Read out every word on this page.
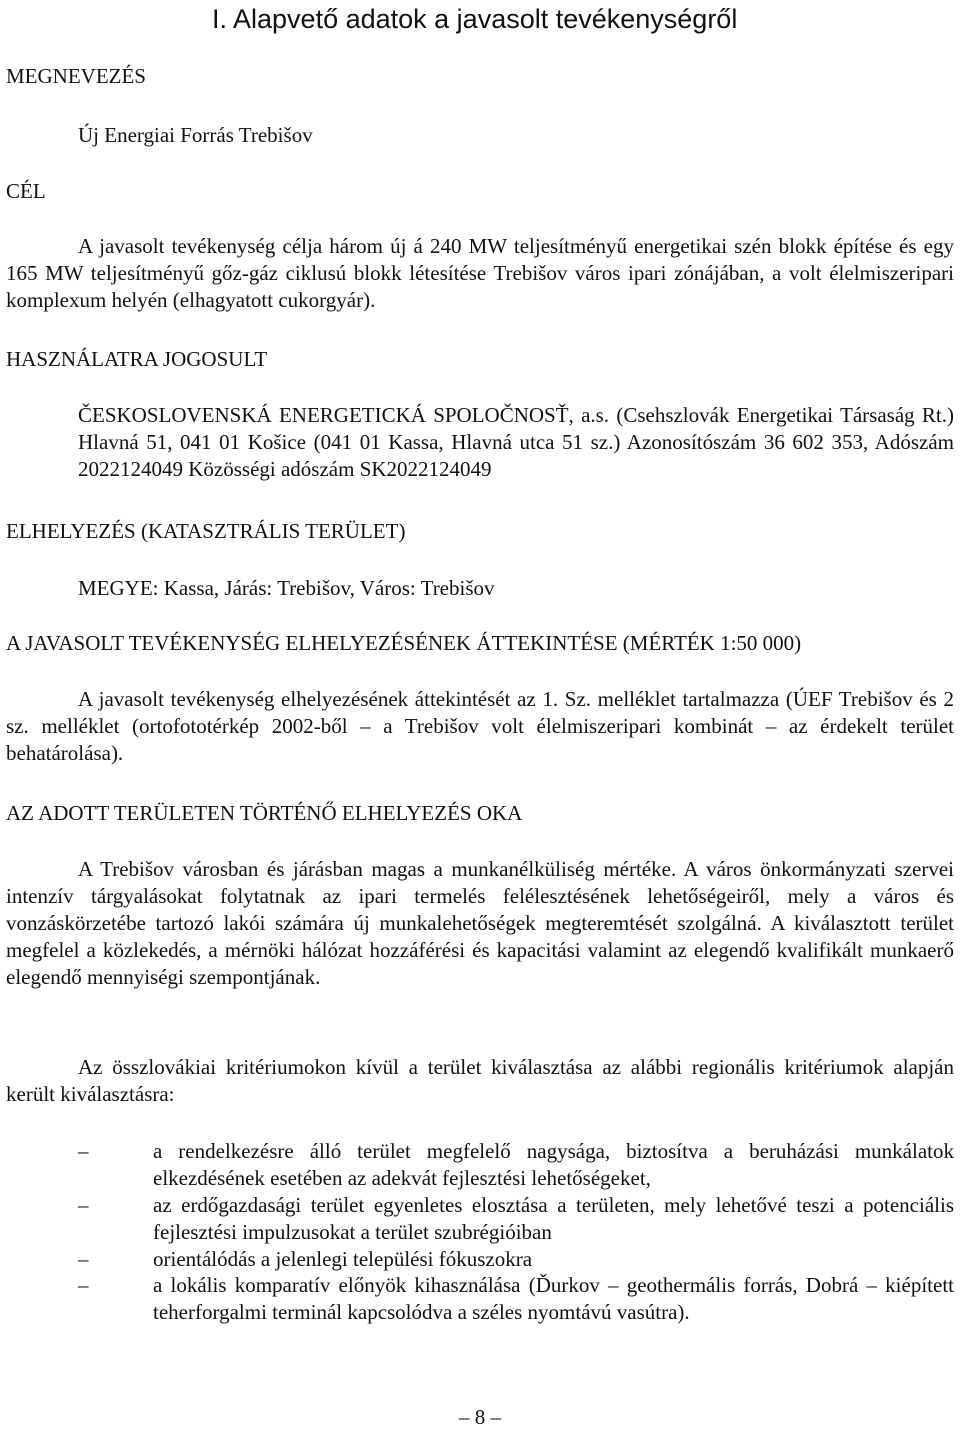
I. Alapvető adatok a javasolt tevékenységről
MEGNEVEZÉS
Új Energiai Forrás Trebišov
CÉL

A javasolt tevékenység célja három új á 240 MW teljesítményű energetikai szén blokk építése és egy 165 MW teljesítményű gőz-gáz ciklusú blokk létesítése Trebišov város ipari zónájában, a volt élelmiszeripari komplexum helyén (elhagyatott cukorgyár).

HASZNÁLATRA JOGOSULT

ČESKOSLOVENSKÁ ENERGETICKÁ SPOLOČNOSŤ, a.s. (Csehszlovák Energetikai Társaság Rt.) Hlavná 51, 041 01 Košice (041 01 Kassa, Hlavná utca 51 sz.) Azonosítószám 36 602 353, Adószám 2022124049 Közösségi adószám SK2022124049

ELHELYEZÉS (KATASZTRÁLIS TERÜLET)
MEGYE: Kassa, Járás: Trebišov, Város: Trebišov
A JAVASOLT TEVÉKENYSÉG ELHELYEZÉSÉNEK ÁTTEKINTÉSE (MÉRTÉK 1:50 000)

A javasolt tevékenység elhelyezésének áttekintését az 1. Sz. melléklet tartalmazza (ÚEF Trebišov és 2 sz. melléklet (ortofototérkép 2002-ből – a Trebišov volt élelmiszeripari kombinát – az érdekelt terület behatárolása).

AZ ADOTT TERÜLETEN TÖRTÉNŐ ELHELYEZÉS OKA

A Trebišov városban és járásban magas a munkanélküliség mértéke. A város önkormányzati szervei intenzív tárgyalásokat folytatnak az ipari termelés felélesztésének lehetőségeiről, mely a város és vonzáskörzetébe tartozó lakói számára új munkalehetőségek megteremtését szolgálná. A kiválasztott terület megfelel a közlekedés, a mérnöki hálózat hozzáférési és kapacitási valamint az elegendő kvalifikált munkaerő elegendő mennyiségi szempontjának.

Az összlovákiai kritériumokon kívül a terület kiválasztása az alábbi regionális kritériumok alapján került kiválasztásra:

–	a rendelkezésre álló terület megfelelő nagysága, biztosítva a beruházási munkálatok elkezdésének esetében az adekvát fejlesztési lehetőségeket,
–	az erdőgazdasági terület egyenletes elosztása a területen, mely lehetővé teszi a potenciális fejlesztési impulzusokat a terület szubrégióiban
–	orientálódás a jelenlegi települési fókuszokra
–	a lokális komparatív előnyök kihasználása (Ďurkov – geothermális forrás, Dobrá – kiépített teherforgalmi terminál kapcsolódva a széles nyomtávú vasútra).
– 8 –
